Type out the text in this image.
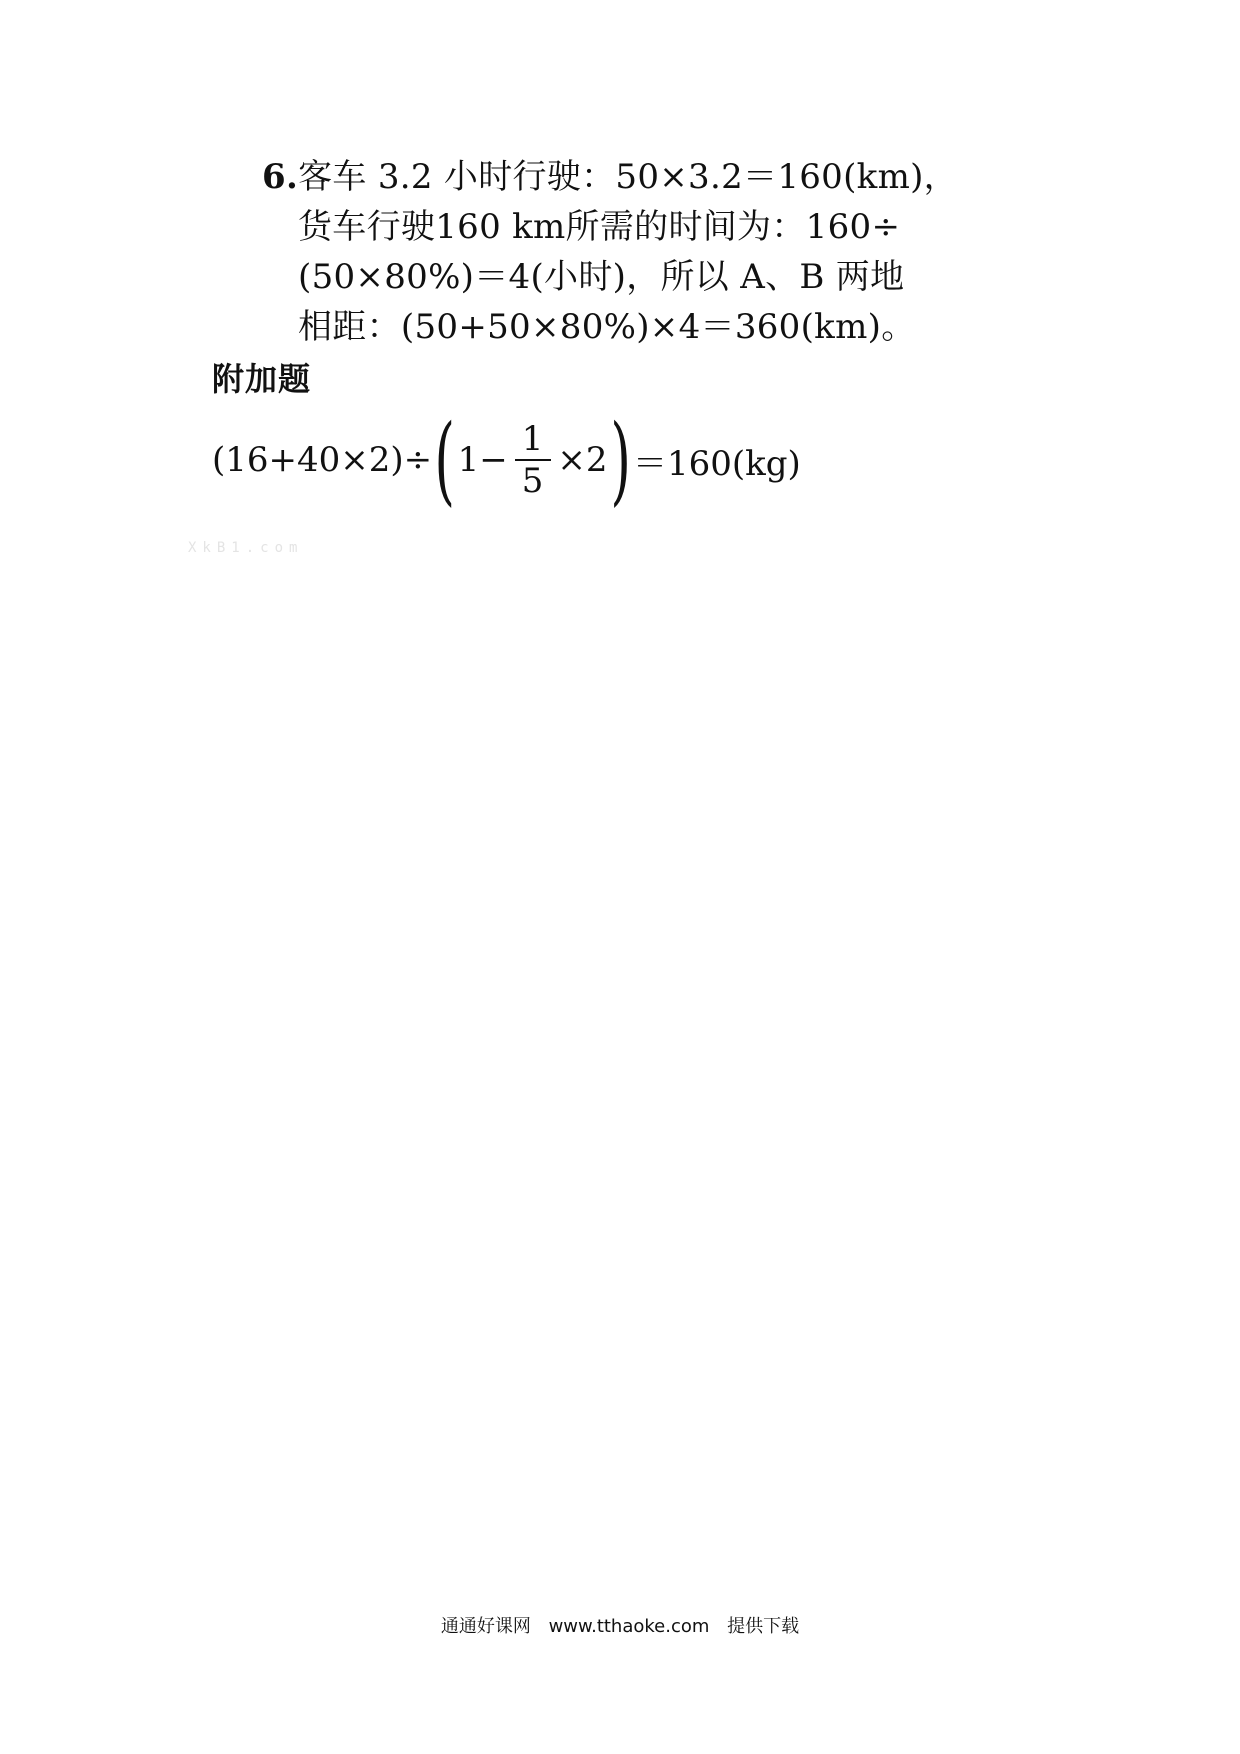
6.客车 3.2 小时行驶：50×3.2＝160(km)，
货车行驶160 km所需的时间为：160÷
(50×80%)＝4(小时)，所以 A、B 两地
相距：(50+50×80%)×4＝360(km)。
附加题
(16+40×2)÷ ( $1- \frac{1}{5} \times 2$ ) ＝160(kg)
XkB1.com
通通好课网 www.tthaoke.com 提供下载
